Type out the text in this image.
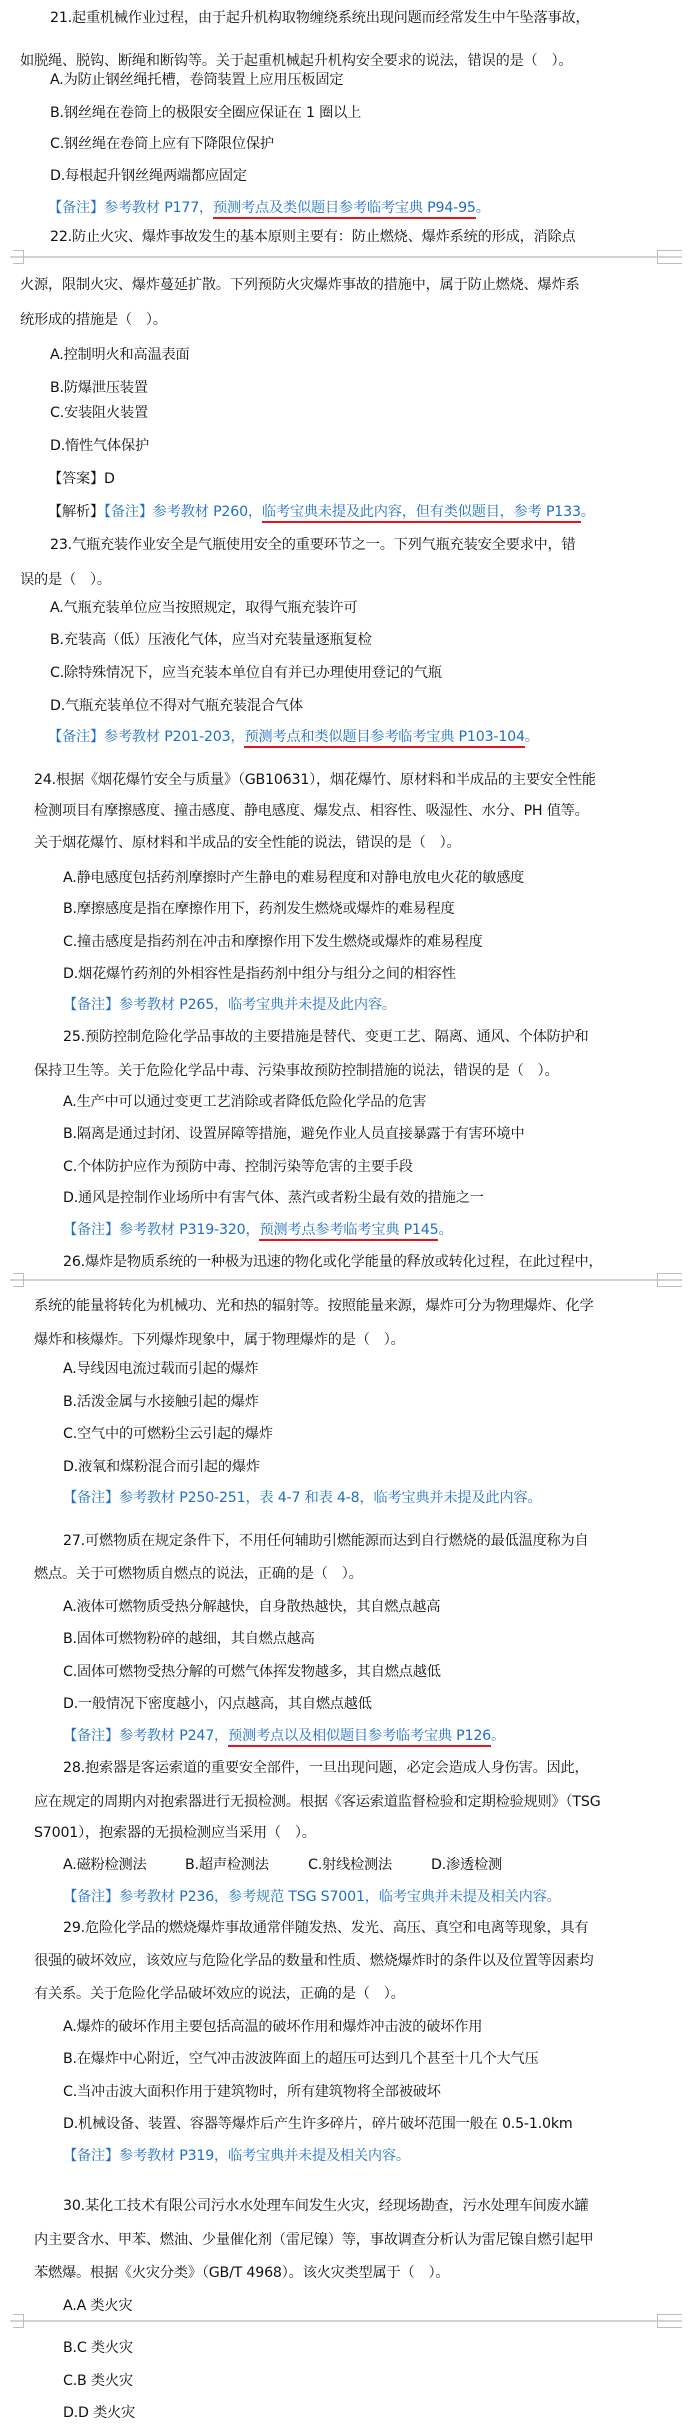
21.起重机械作业过程，由于起升机构取物缠绕系统出现问题而经常发生中午坠落事故，
如脱绳、脱钩、断绳和断钩等。关于起重机械起升机构安全要求的说法，错误的是（　）。
A.为防止钢丝绳托槽，卷筒装置上应用压板固定
B.钢丝绳在卷筒上的极限安全圈应保证在 1 圈以上
C.钢丝绳在卷筒上应有下降限位保护
D.每根起升钢丝绳两端都应固定
【备注】参考教材 P177，预测考点及类似题目参考临考宝典 P94-95。
22.防止火灾、爆炸事故发生的基本原则主要有：防止燃烧、爆炸系统的形成，消除点
火源，限制火灾、爆炸蔓延扩散。下列预防火灾爆炸事故的措施中，属于防止燃烧、爆炸系
统形成的措施是（　）。
A.控制明火和高温表面
B.防爆泄压装置
C.安装阻火装置
D.惰性气体保护
【答案】D
【解析】【备注】参考教材 P260，临考宝典未提及此内容，但有类似题目，参考 P133。
23.气瓶充装作业安全是气瓶使用安全的重要环节之一。下列气瓶充装安全要求中，错
误的是（　）。
A.气瓶充装单位应当按照规定，取得气瓶充装许可
B.充装高（低）压液化气体，应当对充装量逐瓶复检
C.除特殊情况下，应当充装本单位自有并已办理使用登记的气瓶
D.气瓶充装单位不得对气瓶充装混合气体
【备注】参考教材 P201-203，预测考点和类似题目参考临考宝典 P103-104。
24.根据《烟花爆竹安全与质量》（GB10631），烟花爆竹、原材料和半成品的主要安全性能
检测项目有摩擦感度、撞击感度、静电感度、爆发点、相容性、吸湿性、水分、PH 值等。
关于烟花爆竹、原材料和半成品的安全性能的说法，错误的是（　）。
A.静电感度包括药剂摩擦时产生静电的难易程度和对静电放电火花的敏感度
B.摩擦感度是指在摩擦作用下，药剂发生燃烧或爆炸的难易程度
C.撞击感度是指药剂在冲击和摩擦作用下发生燃烧或爆炸的难易程度
D.烟花爆竹药剂的外相容性是指药剂中组分与组分之间的相容性
【备注】参考教材 P265，临考宝典并未提及此内容。
25.预防控制危险化学品事故的主要措施是替代、变更工艺、隔离、通风、个体防护和
保持卫生等。关于危险化学品中毒、污染事故预防控制措施的说法，错误的是（　）。
A.生产中可以通过变更工艺消除或者降低危险化学品的危害
B.隔离是通过封闭、设置屏障等措施，避免作业人员直接暴露于有害环境中
C.个体防护应作为预防中毒、控制污染等危害的主要手段
D.通风是控制作业场所中有害气体、蒸汽或者粉尘最有效的措施之一
【备注】参考教材 P319-320，预测考点参考临考宝典 P145。
26.爆炸是物质系统的一种极为迅速的物化或化学能量的释放或转化过程，在此过程中，
系统的能量将转化为机械功、光和热的辐射等。按照能量来源，爆炸可分为物理爆炸、化学
爆炸和核爆炸。下列爆炸现象中，属于物理爆炸的是（　）。
A.导线因电流过载而引起的爆炸
B.活泼金属与水接触引起的爆炸
C.空气中的可燃粉尘云引起的爆炸
D.液氧和煤粉混合而引起的爆炸
【备注】参考教材 P250-251，表 4-7 和表 4-8，临考宝典并未提及此内容。
27.可燃物质在规定条件下，不用任何辅助引燃能源而达到自行燃烧的最低温度称为自
燃点。关于可燃物质自燃点的说法，正确的是（　）。
A.液体可燃物质受热分解越快，自身散热越快，其自燃点越高
B.固体可燃物粉碎的越细，其自燃点越高
C.固体可燃物受热分解的可燃气体挥发物越多，其自燃点越低
D.一般情况下密度越小，闪点越高，其自燃点越低
【备注】参考教材 P247，预测考点以及相似题目参考临考宝典 P126。
28.抱索器是客运索道的重要安全部件，一旦出现问题，必定会造成人身伤害。因此，
应在规定的周期内对抱索器进行无损检测。根据《客运索道监督检验和定期检验规则》（TSG
S7001），抱索器的无损检测应当采用（　）。
A.磁粉检测法	B.超声检测法	C.射线检测法	D.渗透检测
【备注】参考教材 P236，参考规范 TSG S7001，临考宝典并未提及相关内容。
29.危险化学品的燃烧爆炸事故通常伴随发热、发光、高压、真空和电离等现象，具有
很强的破坏效应，该效应与危险化学品的数量和性质、燃烧爆炸时的条件以及位置等因素均
有关系。关于危险化学品破坏效应的说法，正确的是（　）。
A.爆炸的破坏作用主要包括高温的破坏作用和爆炸冲击波的破坏作用
B.在爆炸中心附近，空气冲击波波阵面上的超压可达到几个甚至十几个大气压
C.当冲击波大面积作用于建筑物时，所有建筑物将全部被破坏
D.机械设备、装置、容器等爆炸后产生许多碎片，碎片破坏范围一般在 0.5-1.0km
【备注】参考教材 P319，临考宝典并未提及相关内容。
30.某化工技术有限公司污水水处理车间发生火灾，经现场勘查，污水处理车间废水罐
内主要含水、甲苯、燃油、少量催化剂（雷尼镍）等，事故调查分析认为雷尼镍自燃引起甲
苯燃爆。根据《火灾分类》（GB/T 4968）。该火灾类型属于（　）。
A.A 类火灾
B.C 类火灾
C.B 类火灾
D.D 类火灾
